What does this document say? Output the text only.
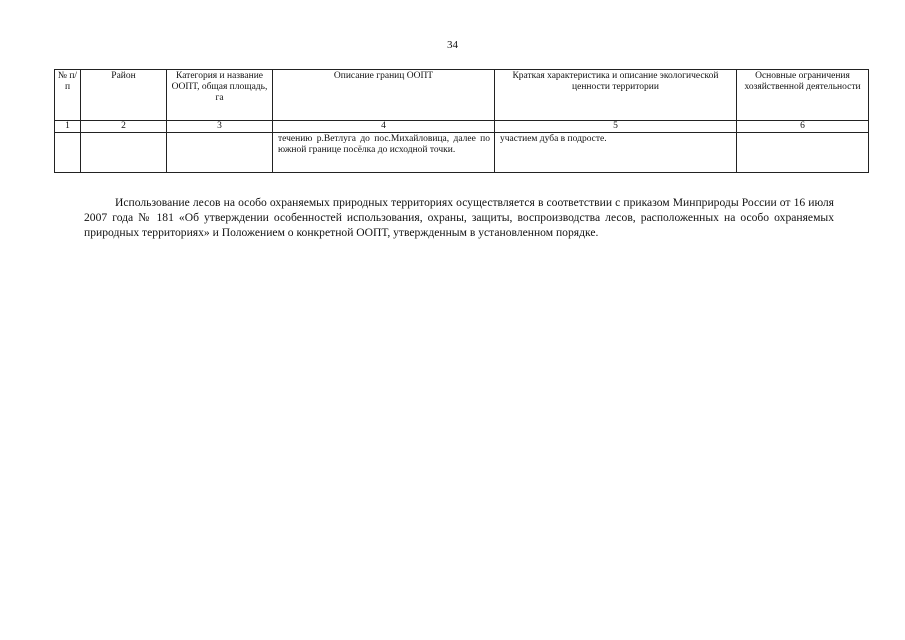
34
№ п/п	Район	Категория и название ООПТ, общая площадь, га	Описание границ ООПТ	Краткая характеристика и описание экологической ценности территории	Основные ограничения хозяйственной деятельности
1	2	3	4	5	6
			течению р.Ветлуга до пос.Михайловица, далее по южной границе посёлка до исходной точки.	участием дуба в подросте.	

Использование лесов на особо охраняемых природных территориях осуществляется в соответствии с приказом Минприроды России от 16 июля 2007 года № 181 «Об утверждении особенностей использования, охраны, защиты, воспроизводства лесов, расположенных на особо охраняемых природных территориях» и Положением о конкретной ООПТ, утвержденным в установленном порядке.
